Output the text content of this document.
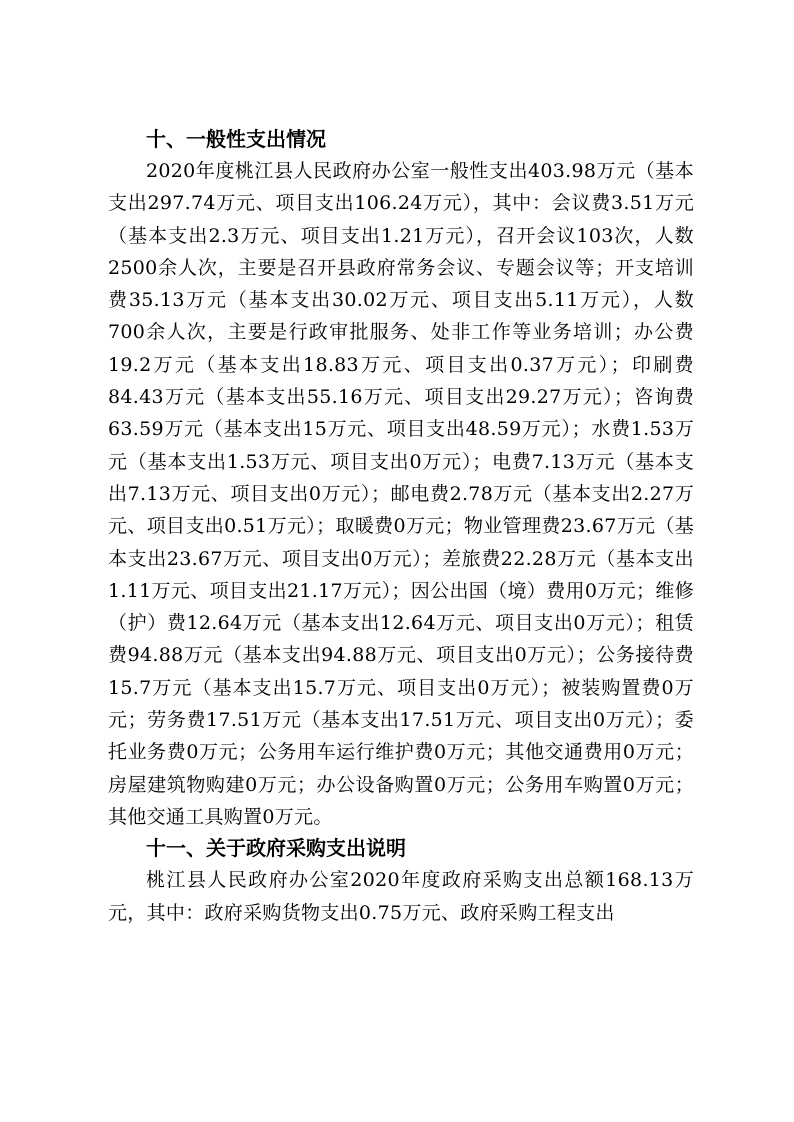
十、一般性支出情况

2020年度桃江县人民政府办公室一般性支出403.98万元（基本支出297.74万元、项目支出106.24万元），其中：会议费3.51万元（基本支出2.3万元、项目支出1.21万元），召开会议103次，人数2500余人次，主要是召开县政府常务会议、专题会议等；开支培训费35.13万元（基本支出30.02万元、项目支出5.11万元），人数700余人次，主要是行政审批服务、处非工作等业务培训；办公费19.2万元（基本支出18.83万元、项目支出0.37万元）；印刷费84.43万元（基本支出55.16万元、项目支出29.27万元）；咨询费63.59万元（基本支出15万元、项目支出48.59万元）；水费1.53万元（基本支出1.53万元、项目支出0万元）；电费7.13万元（基本支出7.13万元、项目支出0万元）；邮电费2.78万元（基本支出2.27万元、项目支出0.51万元）；取暖费0万元；物业管理费23.67万元（基本支出23.67万元、项目支出0万元）；差旅费22.28万元（基本支出1.11万元、项目支出21.17万元）；因公出国（境）费用0万元；维修（护）费12.64万元（基本支出12.64万元、项目支出0万元）；租赁费94.88万元（基本支出94.88万元、项目支出0万元）；公务接待费15.7万元（基本支出15.7万元、项目支出0万元）；被装购置费0万元；劳务费17.51万元（基本支出17.51万元、项目支出0万元）；委托业务费0万元；公务用车运行维护费0万元；其他交通费用0万元；房屋建筑物购建0万元；办公设备购置0万元；公务用车购置0万元；其他交通工具购置0万元。

十一、关于政府采购支出说明

桃江县人民政府办公室2020年度政府采购支出总额168.13万元，其中：政府采购货物支出0.75万元、政府采购工程支出
